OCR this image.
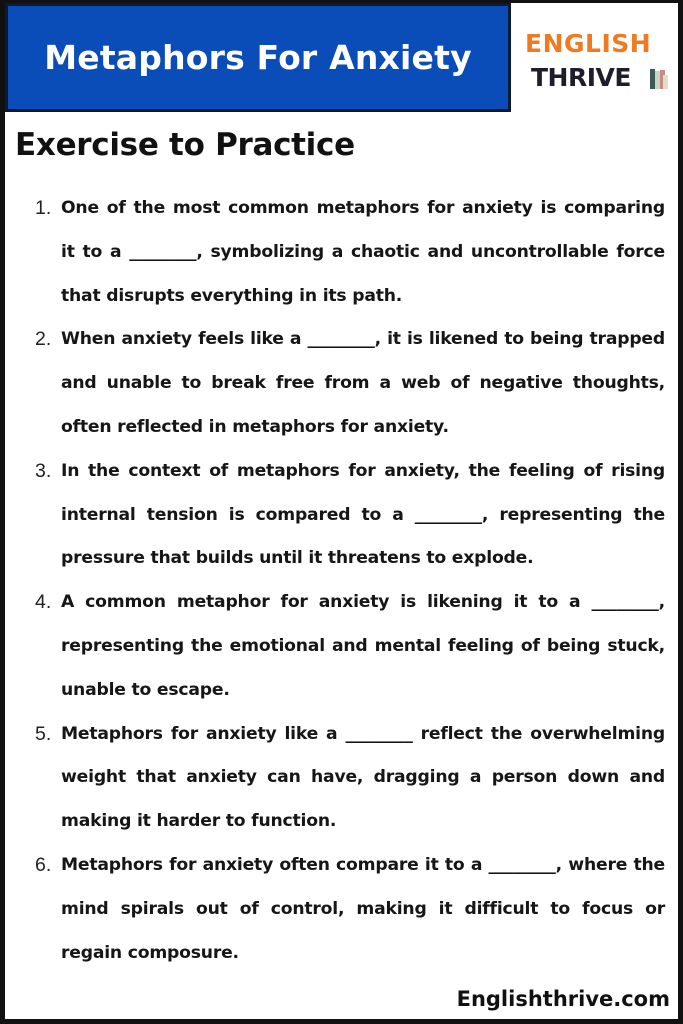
Metaphors For Anxiety ENGLISH
THRIVE
Exercise to Practice
1. One of the most common metaphors for anxiety is comparing it to a ________, symbolizing a chaotic and uncontrollable force that disrupts everything in its path.
2. When anxiety feels like a ________, it is likened to being trapped and unable to break free from a web of negative thoughts, often reflected in metaphors for anxiety.
3. In the context of metaphors for anxiety, the feeling of rising internal tension is compared to a ________, representing the pressure that builds until it threatens to explode.
4. A common metaphor for anxiety is likening it to a ________, representing the emotional and mental feeling of being stuck, unable to escape.
5. Metaphors for anxiety like a ________ reflect the overwhelming weight that anxiety can have, dragging a person down and making it harder to function.
6. Metaphors for anxiety often compare it to a ________, where the mind spirals out of control, making it difficult to focus or regain composure.
Englishthrive.com
